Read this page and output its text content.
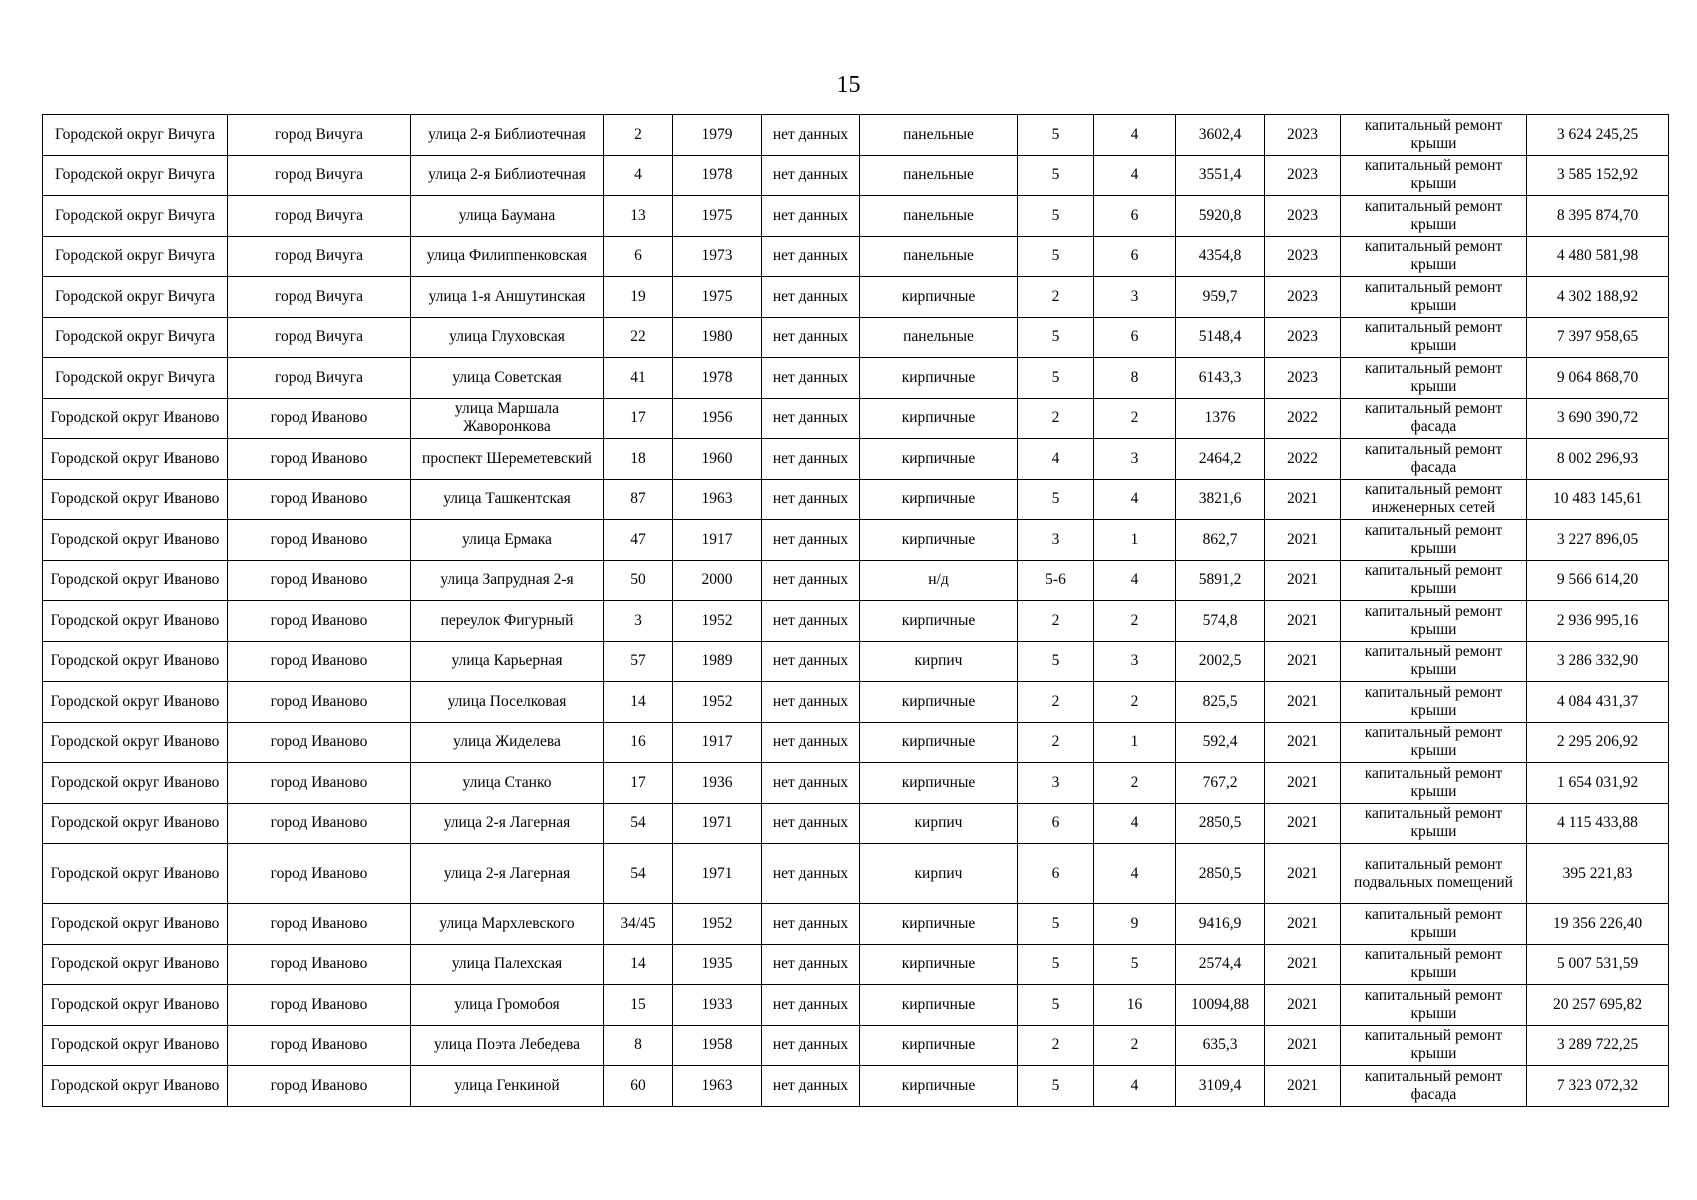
15
Городской округ Вичуга	город Вичуга	улица 2-я Библиотечная	2	1979	нет данных	панельные	5	4	3602,4	2023	капитальный ремонт крыши	3 624 245,25
Городской округ Вичуга	город Вичуга	улица 2-я Библиотечная	4	1978	нет данных	панельные	5	4	3551,4	2023	капитальный ремонт крыши	3 585 152,92
Городской округ Вичуга	город Вичуга	улица Баумана	13	1975	нет данных	панельные	5	6	5920,8	2023	капитальный ремонт крыши	8 395 874,70
Городской округ Вичуга	город Вичуга	улица Филиппенковская	6	1973	нет данных	панельные	5	6	4354,8	2023	капитальный ремонт крыши	4 480 581,98
Городской округ Вичуга	город Вичуга	улица 1-я Аншутинская	19	1975	нет данных	кирпичные	2	3	959,7	2023	капитальный ремонт крыши	4 302 188,92
Городской округ Вичуга	город Вичуга	улица Глуховская	22	1980	нет данных	панельные	5	6	5148,4	2023	капитальный ремонт крыши	7 397 958,65
Городской округ Вичуга	город Вичуга	улица Советская	41	1978	нет данных	кирпичные	5	8	6143,3	2023	капитальный ремонт крыши	9 064 868,70
Городской округ Иваново	город Иваново	улица Маршала Жаворонкова	17	1956	нет данных	кирпичные	2	2	1376	2022	капитальный ремонт фасада	3 690 390,72
Городской округ Иваново	город Иваново	проспект Шереметевский	18	1960	нет данных	кирпичные	4	3	2464,2	2022	капитальный ремонт фасада	8 002 296,93
Городской округ Иваново	город Иваново	улица Ташкентская	87	1963	нет данных	кирпичные	5	4	3821,6	2021	капитальный ремонт инженерных сетей	10 483 145,61
Городской округ Иваново	город Иваново	улица Ермака	47	1917	нет данных	кирпичные	3	1	862,7	2021	капитальный ремонт крыши	3 227 896,05
Городской округ Иваново	город Иваново	улица Запрудная 2-я	50	2000	нет данных	н/д	5-6	4	5891,2	2021	капитальный ремонт крыши	9 566 614,20
Городской округ Иваново	город Иваново	переулок Фигурный	3	1952	нет данных	кирпичные	2	2	574,8	2021	капитальный ремонт крыши	2 936 995,16
Городской округ Иваново	город Иваново	улица Карьерная	57	1989	нет данных	кирпич	5	3	2002,5	2021	капитальный ремонт крыши	3 286 332,90
Городской округ Иваново	город Иваново	улица Поселковая	14	1952	нет данных	кирпичные	2	2	825,5	2021	капитальный ремонт крыши	4 084 431,37
Городской округ Иваново	город Иваново	улица Жиделева	16	1917	нет данных	кирпичные	2	1	592,4	2021	капитальный ремонт крыши	2 295 206,92
Городской округ Иваново	город Иваново	улица Станко	17	1936	нет данных	кирпичные	3	2	767,2	2021	капитальный ремонт крыши	1 654 031,92
Городской округ Иваново	город Иваново	улица 2-я Лагерная	54	1971	нет данных	кирпич	6	4	2850,5	2021	капитальный ремонт крыши	4 115 433,88
Городской округ Иваново	город Иваново	улица 2-я Лагерная	54	1971	нет данных	кирпич	6	4	2850,5	2021	капитальный ремонт подвальных помещений	395 221,83
Городской округ Иваново	город Иваново	улица Мархлевского	34/45	1952	нет данных	кирпичные	5	9	9416,9	2021	капитальный ремонт крыши	19 356 226,40
Городской округ Иваново	город Иваново	улица Палехская	14	1935	нет данных	кирпичные	5	5	2574,4	2021	капитальный ремонт крыши	5 007 531,59
Городской округ Иваново	город Иваново	улица Громобоя	15	1933	нет данных	кирпичные	5	16	10094,88	2021	капитальный ремонт крыши	20 257 695,82
Городской округ Иваново	город Иваново	улица Поэта Лебедева	8	1958	нет данных	кирпичные	2	2	635,3	2021	капитальный ремонт крыши	3 289 722,25
Городской округ Иваново	город Иваново	улица Генкиной	60	1963	нет данных	кирпичные	5	4	3109,4	2021	капитальный ремонт фасада	7 323 072,32
